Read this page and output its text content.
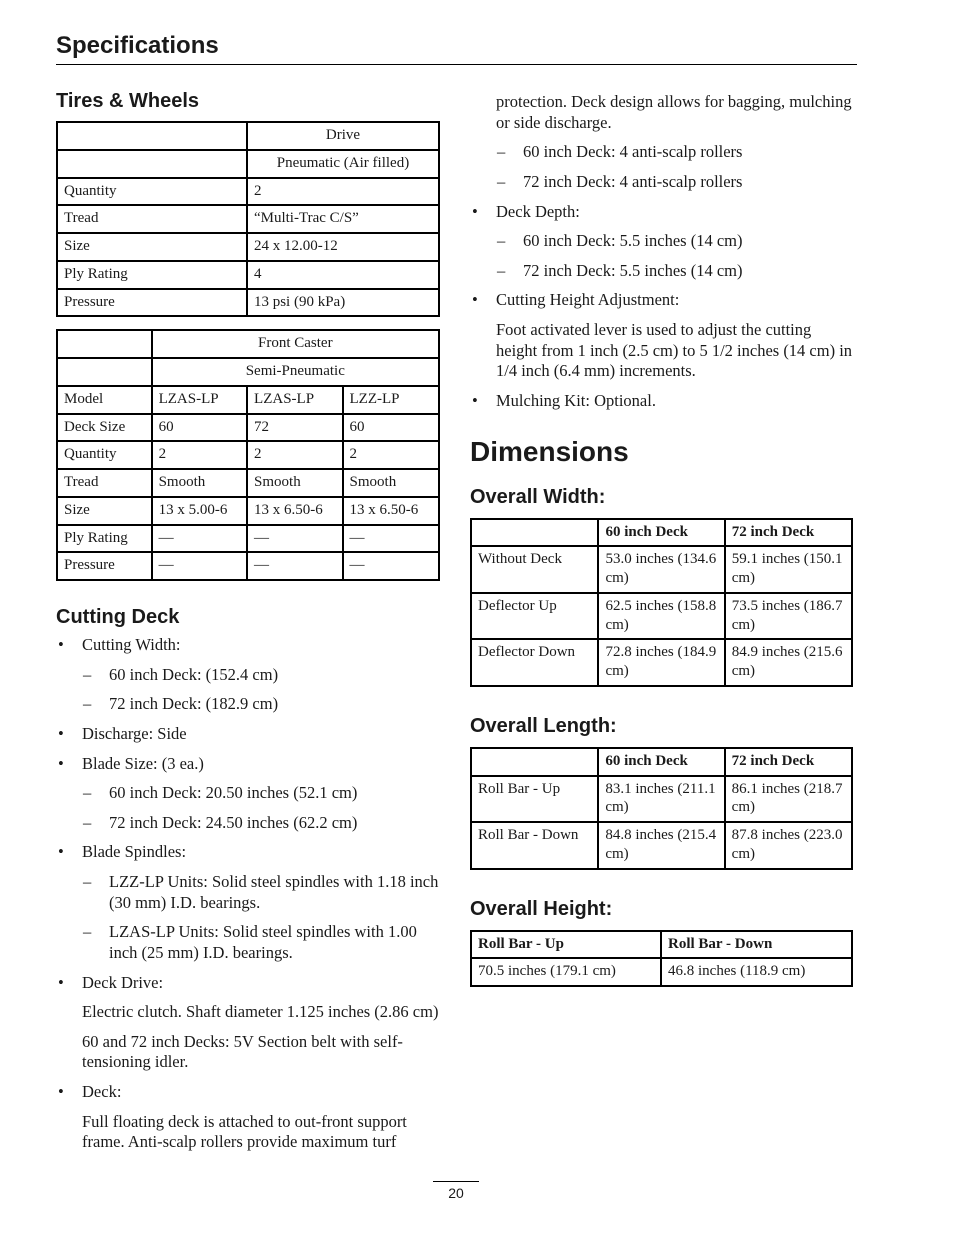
Specifications
Tires & Wheels
	Drive
	Pneumatic (Air filled)
Quantity	2
Tread	“Multi-Trac C/S”
Size	24 x 12.00-12
Ply Rating	4
Pressure	13 psi (90 kPa)
	Front Caster		
	Semi-Pneumatic		
Model	LZAS-LP	LZAS-LP	LZZ-LP
Deck Size	60	72	60
Quantity	2	2	2
Tread	Smooth	Smooth	Smooth
Size	13 x 5.00-6	13 x 6.50-6	13 x 6.50-6
Ply Rating	—	—	—
Pressure	—	—	—
Cutting Deck
• Cutting Width:
– 60 inch Deck: (152.4 cm)
– 72 inch Deck: (182.9 cm)
• Discharge: Side
• Blade Size: (3 ea.)
– 60 inch Deck: 20.50 inches (52.1 cm)
– 72 inch Deck: 24.50 inches (62.2 cm)
• Blade Spindles:
– LZZ-LP Units: Solid steel spindles with 1.18 inch (30 mm) I.D. bearings.
– LZAS-LP Units: Solid steel spindles with 1.00 inch (25 mm) I.D. bearings.
• Deck Drive:
Electric clutch. Shaft diameter 1.125 inches (2.86 cm)
60 and 72 inch Decks: 5V Section belt with self-tensioning idler.
• Deck:
Full floating deck is attached to out-front support frame. Anti-scalp rollers provide maximum turf
protection. Deck design allows for bagging, mulching or side discharge.
– 60 inch Deck: 4 anti-scalp rollers
– 72 inch Deck: 4 anti-scalp rollers
• Deck Depth:
– 60 inch Deck: 5.5 inches (14 cm)
– 72 inch Deck: 5.5 inches (14 cm)
• Cutting Height Adjustment:
Foot activated lever is used to adjust the cutting height from 1 inch (2.5 cm) to 5 1/2 inches (14 cm) in 1/4 inch (6.4 mm) increments.
• Mulching Kit: Optional.
Dimensions
Overall Width:
	60 inch Deck	72 inch Deck
Without Deck	53.0 inches (134.6 cm)	59.1 inches (150.1 cm)
Deflector Up	62.5 inches (158.8 cm)	73.5 inches (186.7 cm)
Deflector Down	72.8 inches (184.9 cm)	84.9 inches (215.6 cm)
Overall Length:
	60 inch Deck	72 inch Deck
Roll Bar - Up	83.1 inches (211.1 cm)	86.1 inches (218.7 cm)
Roll Bar - Down	84.8 inches (215.4 cm)	87.8 inches (223.0 cm)
Overall Height:
Roll Bar - Up	Roll Bar - Down
70.5 inches (179.1 cm)	46.8 inches (118.9 cm)
20
